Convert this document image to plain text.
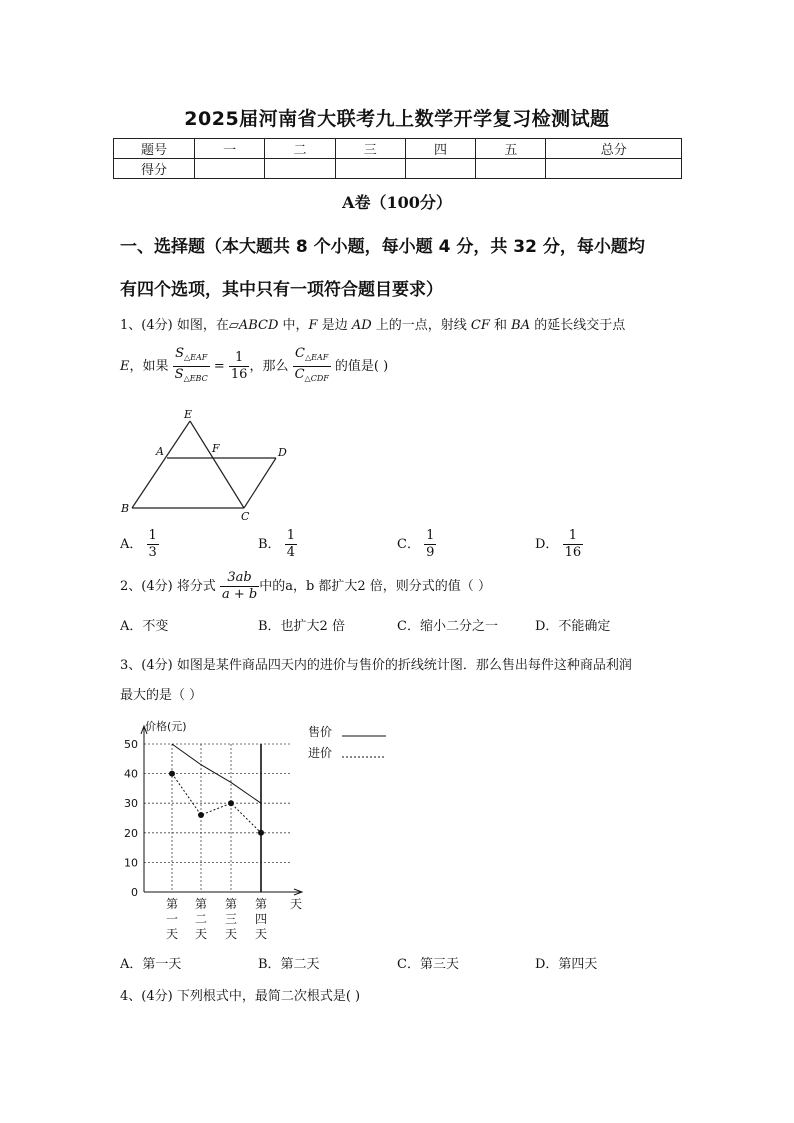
2025届河南省大联考九上数学开学复习检测试题
题号	一	二	三	四	五	总分
得分						
A卷（100分）
一、选择题（本大题共 8 个小题，每小题 4 分，共 32 分，每小题均
有四个选项，其中只有一项符合题目要求）
1、(4分) 如图，在▱ABCD 中，F 是边 AD 上的一点，射线 CF 和 BA 的延长线交于点
E，如果 $\frac{S_{\triangle EAF}}{S_{\triangle EBC}} = \frac{1}{16}$ ，那么 $\frac{C_{\triangle EAF}}{C_{\triangle CDF}}$ 的值是( )
E
A	F	D
B
C
A． $\frac{1}{3}$	B． $\frac{1}{4}$	C． $\frac{1}{9}$	D． $\frac{1}{16}$
2、(4分) 将分式 $\frac{3ab}{a + b}$ 中的a，b 都扩大2 倍，则分式的值（ ）
A．不变	B．也扩大2 倍	C．缩小二分之一	D．不能确定
3、(4分) 如图是某件商品四天内的进价与售价的折线统计图．那么售出每件这种商品利润
最大的是（ ）
0
10
20
30
40
50
价格(元)
天
第
一
天
第
二
天
第
三
天
第
四
天
售价
进价
A．第一天	B．第二天	C．第三天	D．第四天
4、(4分) 下列根式中，最简二次根式是( )
